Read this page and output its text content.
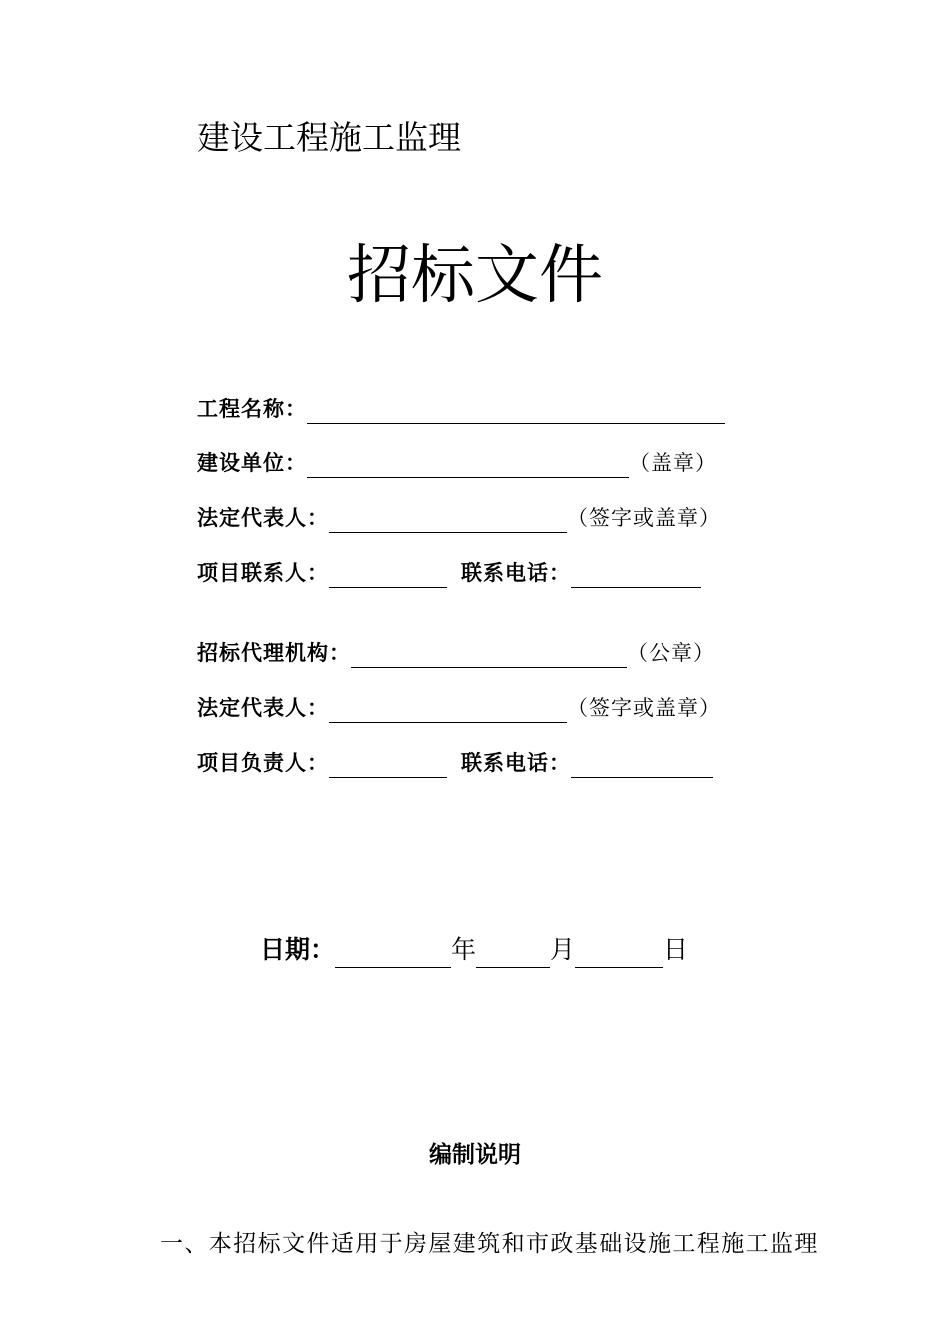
建设工程施工监理
招标文件
工程名称：
建设单位：	（盖章）
法定代表人：	（签字或盖章）
项目联系人：	联系电话：
招标代理机构：	（公章）
法定代表人：	（签字或盖章）
项目负责人：	联系电话：
日期：	年	月	日
编制说明
一、本招标文件适用于房屋建筑和市政基础设施工程施工监理
